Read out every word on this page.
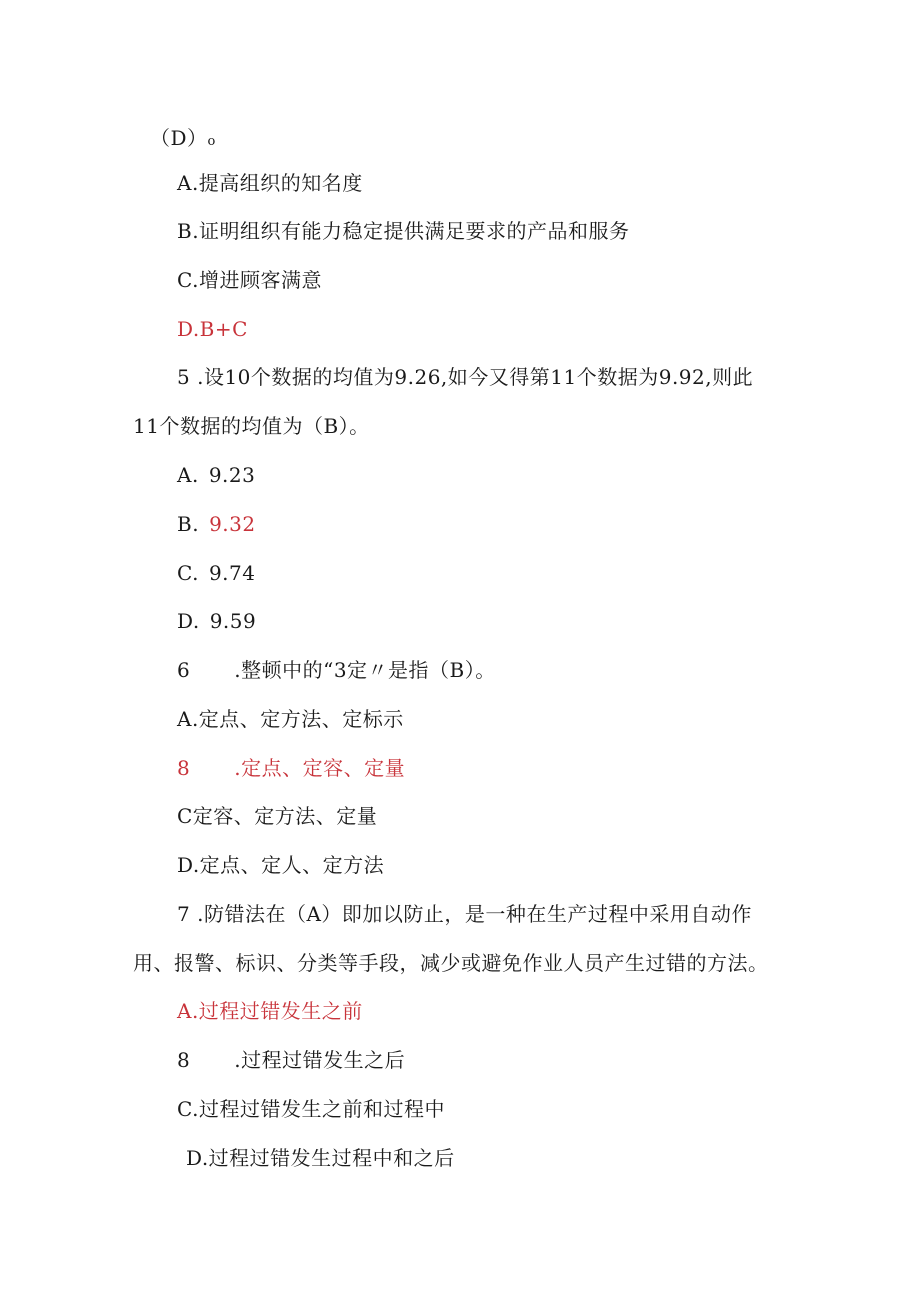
（D）o
A.提高组织的知名度
B.证明组织有能力稳定提供满足要求的产品和服务
C.增进顾客满意
D.B+C
5 .设10个数据的均值为9.26,如今又得第11个数据为9.92,则此
11个数据的均值为（B）。
A. 9.23
B. 9.32
C. 9.74
D. 9.59
6 .整顿中的“3定〃是指（B）。
A.定点、定方法、定标示
8 .定点、定容、定量
C定容、定方法、定量
D.定点、定人、定方法
7 .防错法在（A）即加以防止，是一种在生产过程中采用自动作
用、报警、标识、分类等手段，减少或避免作业人员产生过错的方法。
A.过程过错发生之前
8 .过程过错发生之后
C.过程过错发生之前和过程中
D.过程过错发生过程中和之后
